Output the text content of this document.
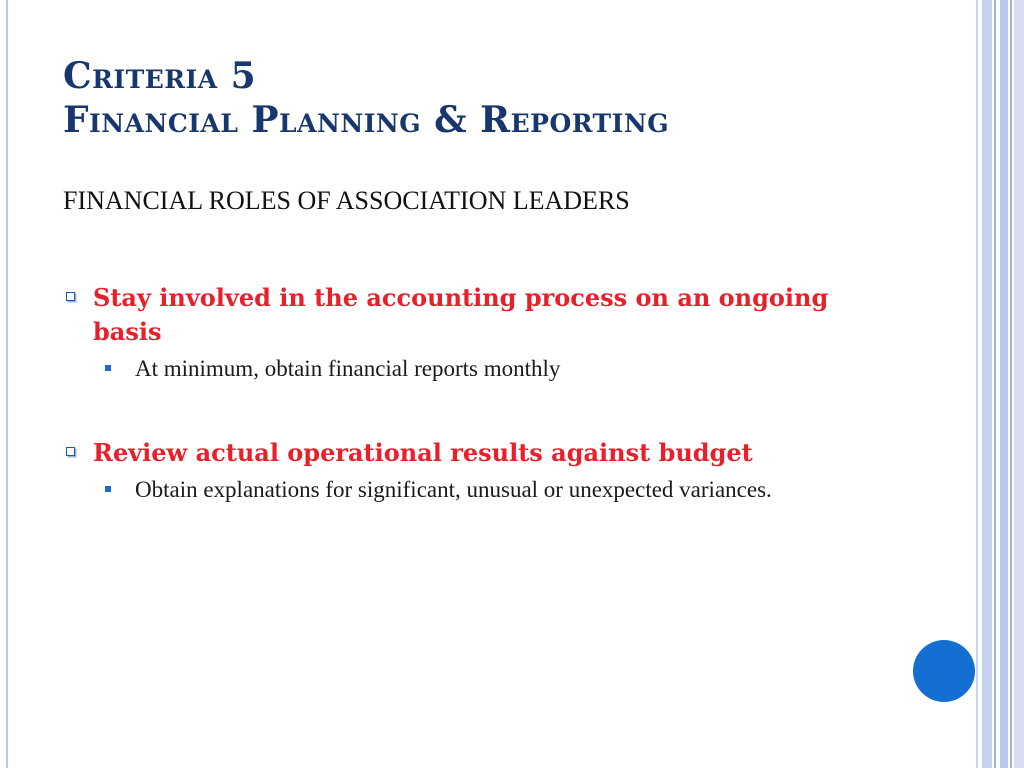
Criteria 5
Financial Planning & Reporting
FINANCIAL ROLES OF ASSOCIATION LEADERS
Stay involved in the accounting process on an ongoing basis
At minimum, obtain financial reports monthly
Review actual operational results against budget
Obtain explanations for significant, unusual or unexpected variances.
